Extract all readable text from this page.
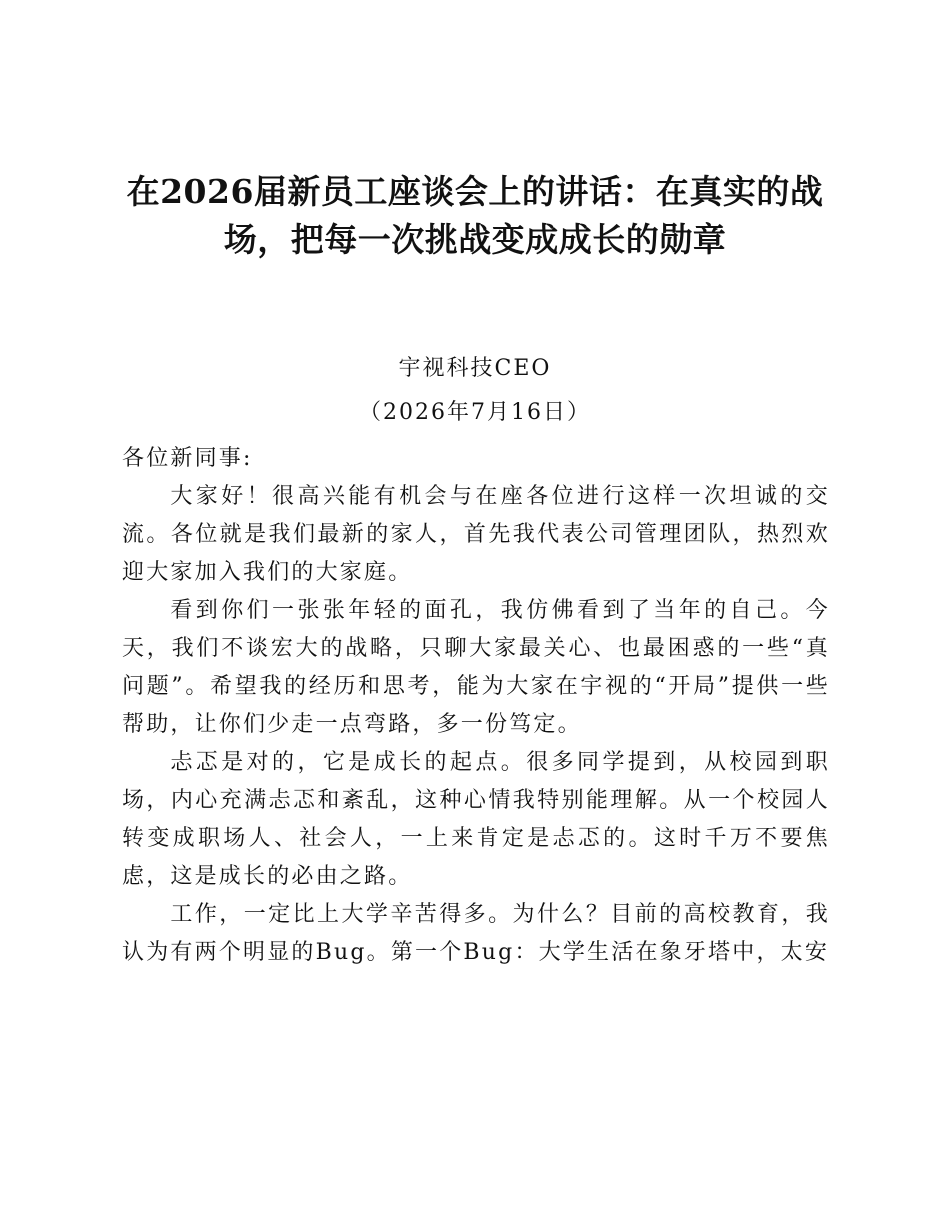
在2026届新员工座谈会上的讲话：在真实的战场，把每一次挑战变成成长的勋章
宇视科技CEO
（2026年7月16日）

各位新同事:

大家好！很高兴能有机会与在座各位进行这样一次坦诚的交流。各位就是我们最新的家人，首先我代表公司管理团队，热烈欢迎大家加入我们的大家庭。

看到你们一张张年轻的面孔，我仿佛看到了当年的自己。今天，我们不谈宏大的战略，只聊大家最关心、也最困惑的一些“真问题”。希望我的经历和思考，能为大家在宇视的“开局”提供一些帮助，让你们少走一点弯路，多一份笃定。

忐忑是对的，它是成长的起点。很多同学提到，从校园到职场，内心充满忐忑和紊乱，这种心情我特别能理解。从一个校园人转变成职场人、社会人，一上来肯定是忐忑的。这时千万不要焦虑，这是成长的必由之路。

工作，一定比上大学辛苦得多。为什么？目前的高校教育，我认为有两个明显的Bug。第一个Bug：大学生活在象牙塔中，太安
